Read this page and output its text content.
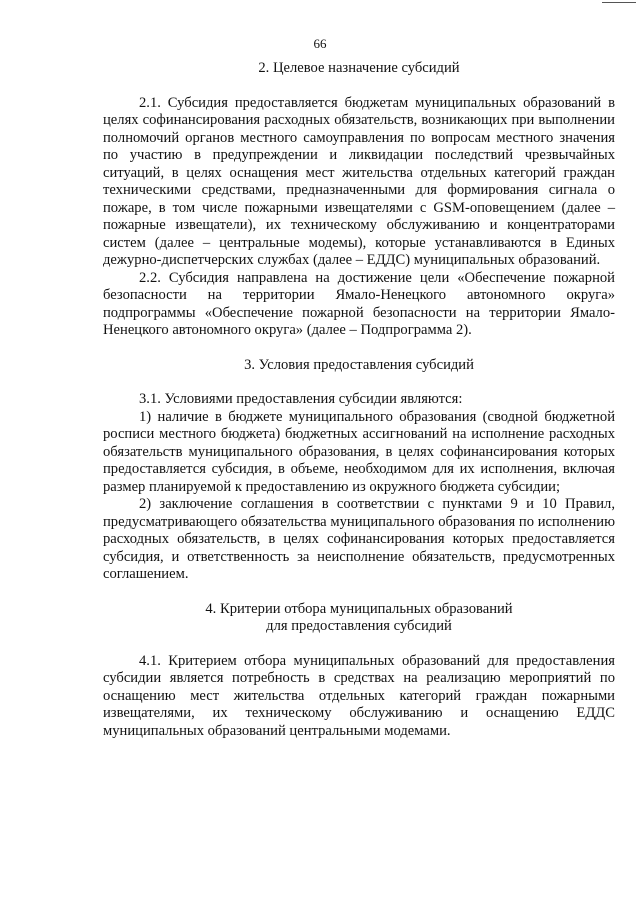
66
2. Целевое назначение субсидий

2.1. Субсидия предоставляется бюджетам муниципальных образований в целях софинансирования расходных обязательств, возникающих при выполнении полномочий органов местного самоуправления по вопросам местного значения по участию в предупреждении и ликвидации последствий чрезвычайных ситуаций, в целях оснащения мест жительства отдельных категорий граждан техническими средствами, предназначенными для формирования сигнала о пожаре, в том числе пожарными извещателями с GSM-оповещением (далее – пожарные извещатели), их техническому обслуживанию и концентраторами систем (далее – центральные модемы), которые устанавливаются в Единых дежурно-диспетчерских службах (далее – ЕДДС) муниципальных образований.

2.2. Субсидия направлена на достижение цели «Обеспечение пожарной безопасности на территории Ямало-Ненецкого автономного округа» подпрограммы «Обеспечение пожарной безопасности на территории Ямало-Ненецкого автономного округа» (далее – Подпрограмма 2).

3. Условия предоставления субсидий

3.1. Условиями предоставления субсидии являются:

1) наличие в бюджете муниципального образования (сводной бюджетной росписи местного бюджета) бюджетных ассигнований на исполнение расходных обязательств муниципального образования, в целях софинансирования которых предоставляется субсидия, в объеме, необходимом для их исполнения, включая размер планируемой к предоставлению из окружного бюджета субсидии;

2) заключение соглашения в соответствии с пунктами 9 и 10 Правил, предусматривающего обязательства муниципального образования по исполнению расходных обязательств, в целях софинансирования которых предоставляется субсидия, и ответственность за неисполнение обязательств, предусмотренных соглашением.

4. Критерии отбора муниципальных образований
для предоставления субсидий

4.1. Критерием отбора муниципальных образований для предоставления субсидии является потребность в средствах на реализацию мероприятий по оснащению мест жительства отдельных категорий граждан пожарными извещателями, их техническому обслуживанию и оснащению ЕДДС муниципальных образований центральными модемами.
